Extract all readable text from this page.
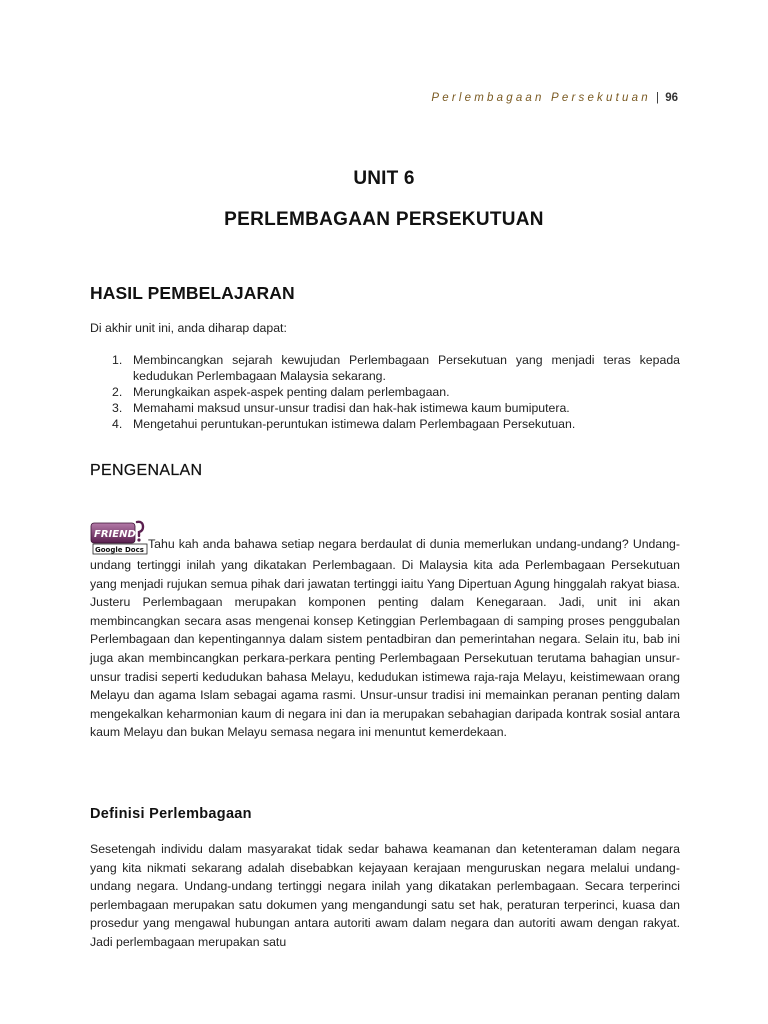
Perlembagaan Persekutuan | 96
UNIT 6
PERLEMBAGAAN PERSEKUTUAN
HASIL PEMBELAJARAN
Di akhir unit ini, anda diharap dapat:
1. Membincangkan sejarah kewujudan Perlembagaan Persekutuan yang menjadi teras kepada kedudukan Perlembagaan Malaysia sekarang.
2. Merungkaikan aspek-aspek penting dalam perlembagaan.
3. Memahami maksud unsur-unsur tradisi dan hak-hak istimewa kaum bumiputera.
4. Mengetahui peruntukan-peruntukan istimewa dalam Perlembagaan Persekutuan.
PENGENALAN

FRIEND
Google Docs Tahu kah anda bahawa setiap negara berdaulat di dunia memerlukan undang-undang? Undang-undang tertinggi inilah yang dikatakan Perlembagaan. Di Malaysia kita ada Perlembagaan Persekutuan yang menjadi rujukan semua pihak dari jawatan tertinggi iaitu Yang Dipertuan Agung hinggalah rakyat biasa. Justeru Perlembagaan merupakan komponen penting dalam Kenegaraan. Jadi, unit ini akan membincangkan secara asas mengenai konsep Ketinggian Perlembagaan di samping proses penggubalan Perlembagaan dan kepentingannya dalam sistem pentadbiran dan pemerintahan negara. Selain itu, bab ini juga akan membincangkan perkara-perkara penting Perlembagaan Persekutuan terutama bahagian unsur-unsur tradisi seperti kedudukan bahasa Melayu, kedudukan istimewa raja-raja Melayu, keistimewaan orang Melayu dan agama Islam sebagai agama rasmi. Unsur-unsur tradisi ini memainkan peranan penting dalam mengekalkan keharmonian kaum di negara ini dan ia merupakan sebahagian daripada kontrak sosial antara kaum Melayu dan bukan Melayu semasa negara ini menuntut kemerdekaan.

Definisi Perlembagaan

Sesetengah individu dalam masyarakat tidak sedar bahawa keamanan dan ketenteraman dalam negara yang kita nikmati sekarang adalah disebabkan kejayaan kerajaan menguruskan negara melalui undang-undang negara. Undang-undang tertinggi negara inilah yang dikatakan perlembagaan. Secara terperinci perlembagaan merupakan satu dokumen yang mengandungi satu set hak, peraturan terperinci, kuasa dan prosedur yang mengawal hubungan antara autoriti awam dalam negara dan autoriti awam dengan rakyat. Jadi perlembagaan merupakan satu
